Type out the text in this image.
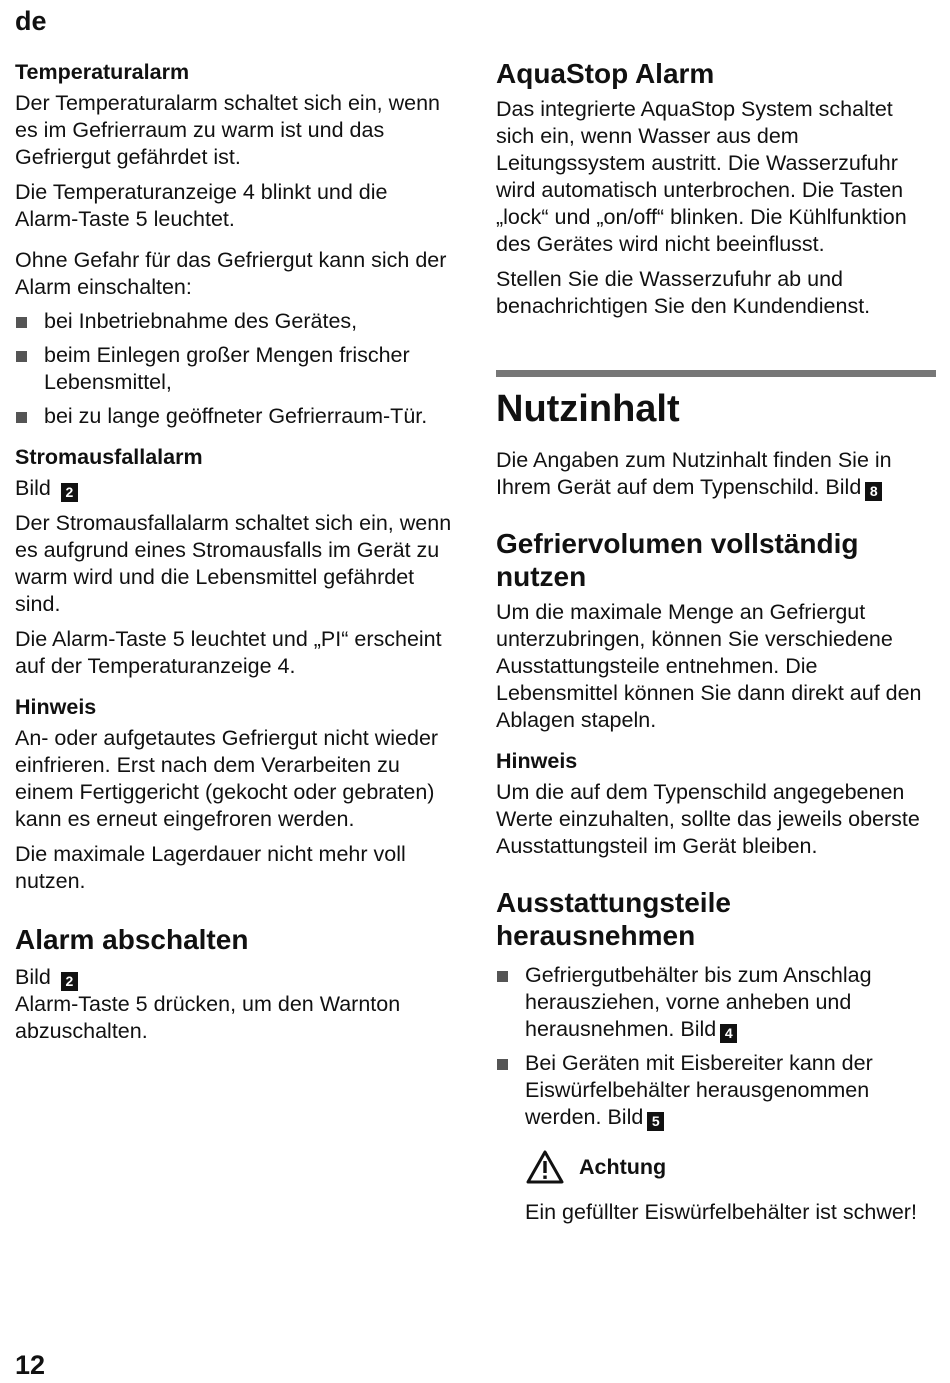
de
Temperaturalarm

Der Temperaturalarm schaltet sich ein, wenn es im Gefrierraum zu warm ist und das Gefriergut gefährdet ist.

Die Temperaturanzeige 4 blinkt und die Alarm-Taste 5 leuchtet.

Ohne Gefahr für das Gefriergut kann sich der Alarm einschalten:
bei Inbetriebnahme des Gerätes,
beim Einlegen großer Mengen frischer Lebensmittel,
bei zu lange geöffneter Gefrierraum-Tür.
Stromausfallalarm

Bild 2

Der Stromausfallalarm schaltet sich ein, wenn es aufgrund eines Stromausfalls im Gerät zu warm wird und die Lebensmittel gefährdet sind.

Die Alarm-Taste 5 leuchtet und „PI“ erscheint auf der Temperaturanzeige 4.

Hinweis

An- oder aufgetautes Gefriergut nicht wieder einfrieren. Erst nach dem Verarbeiten zu einem Fertiggericht (gekocht oder gebraten) kann es erneut eingefroren werden.

Die maximale Lagerdauer nicht mehr voll nutzen.

Alarm abschalten

Bild 2

Alarm-Taste 5 drücken, um den Warnton abzuschalten.

AquaStop Alarm

Das integrierte AquaStop System schaltet sich ein, wenn Wasser aus dem Leitungssystem austritt. Die Wasserzufuhr wird automatisch unterbrochen. Die Tasten „lock“ und „on/off“ blinken. Die Kühlfunktion des Gerätes wird nicht beeinflusst.

Stellen Sie die Wasserzufuhr ab und benachrichtigen Sie den Kundendienst.

Nutzinhalt

Die Angaben zum Nutzinhalt finden Sie in Ihrem Gerät auf dem Typenschild. Bild 8

Gefriervolumen vollständig nutzen

Um die maximale Menge an Gefriergut unterzubringen, können Sie verschiedene Ausstattungsteile entnehmen. Die Lebensmittel können Sie dann direkt auf den Ablagen stapeln.

Hinweis

Um die auf dem Typenschild angegebenen Werte einzuhalten, sollte das jeweils oberste Ausstattungsteil im Gerät bleiben.

Ausstattungsteile herausnehmen
Gefriergutbehälter bis zum Anschlag herausziehen, vorne anheben und herausnehmen. Bild 4
Bei Geräten mit Eisbereiter kann der Eiswürfelbehälter herausgenommen werden. Bild 5
Achtung

Ein gefüllter Eiswürfelbehälter ist schwer!

12
